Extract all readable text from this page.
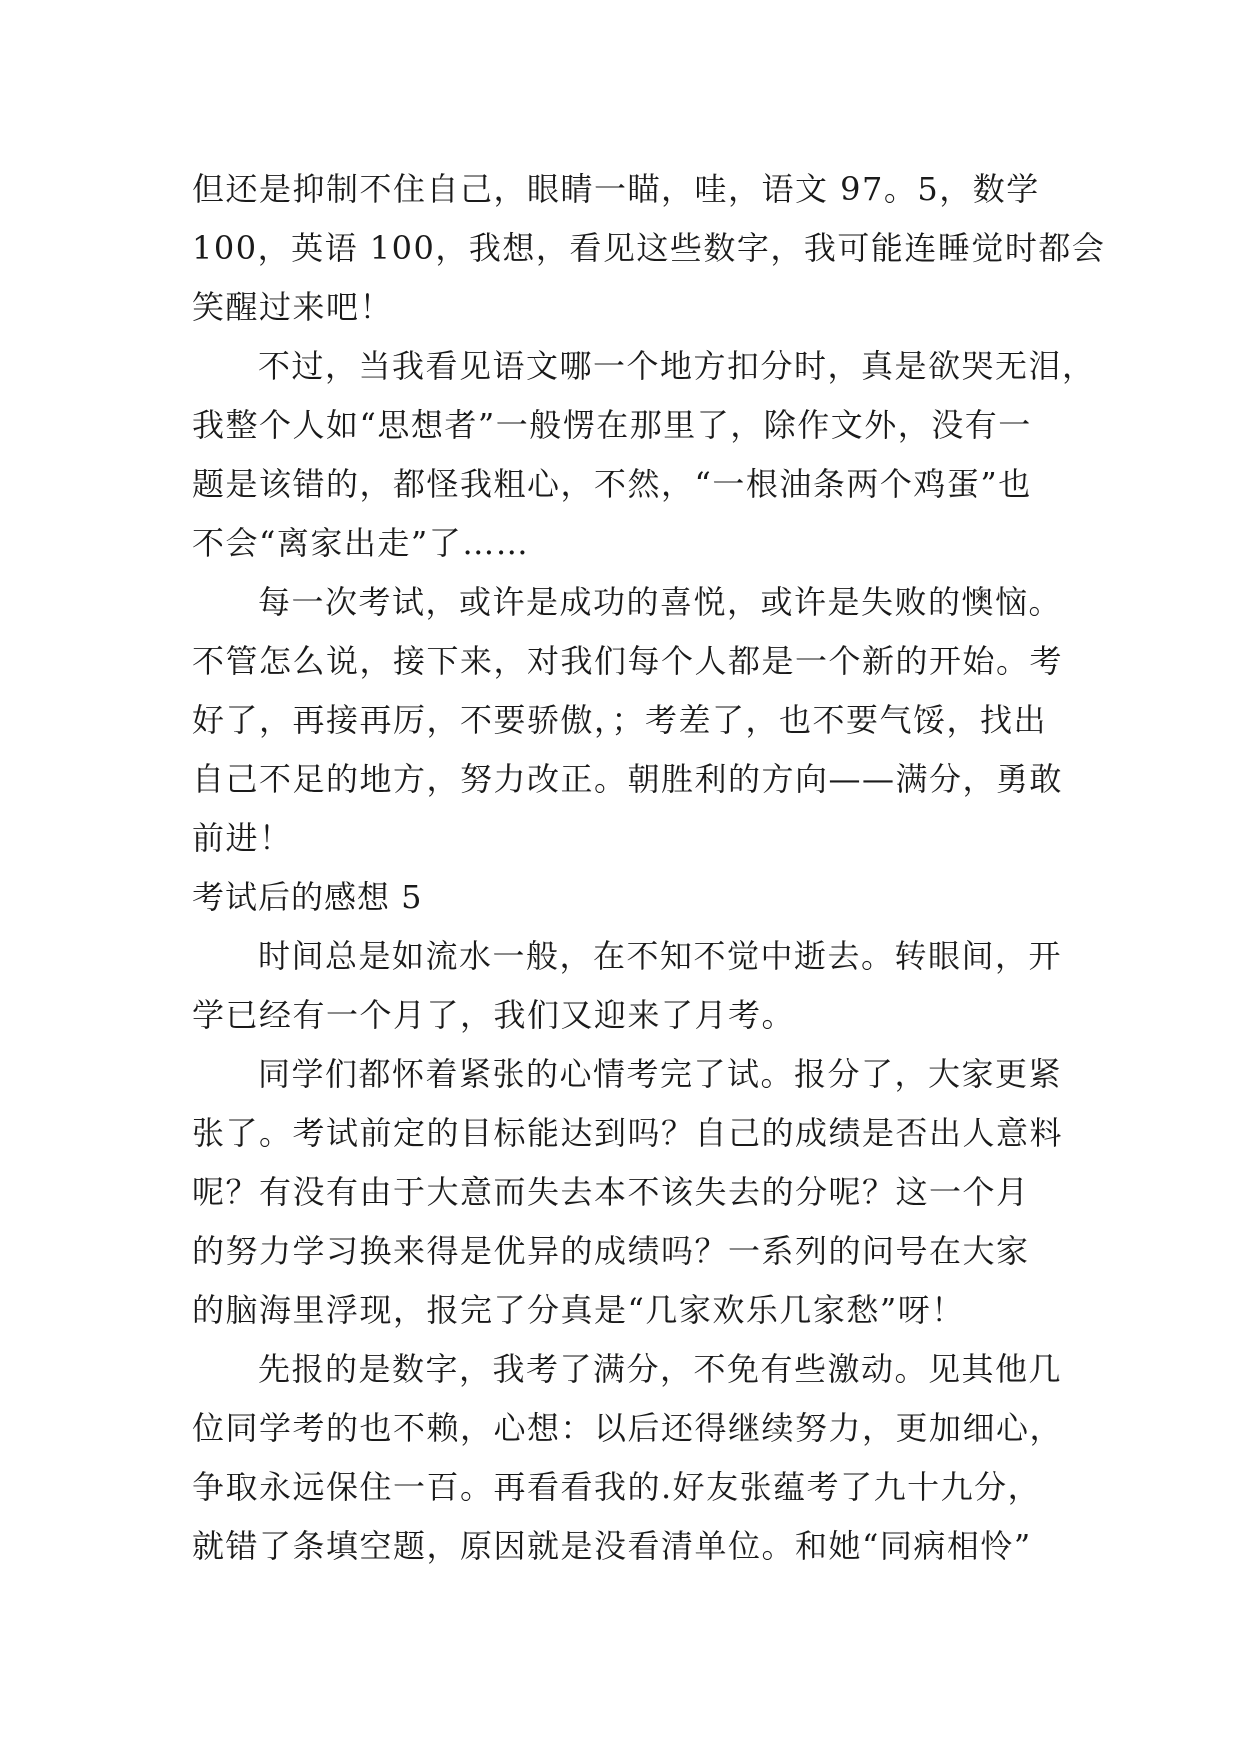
但还是抑制不住自己，眼睛一瞄，哇，语文 97。5，数学
100，英语 100，我想，看见这些数字，我可能连睡觉时都会
笑醒过来吧！
不过，当我看见语文哪一个地方扣分时，真是欲哭无泪，
我整个人如“思想者”一般愣在那里了，除作文外，没有一
题是该错的，都怪我粗心，不然，“一根油条两个鸡蛋”也
不会“离家出走”了……
每一次考试，或许是成功的喜悦，或许是失败的懊恼。
不管怎么说，接下来，对我们每个人都是一个新的开始。考
好了，再接再厉，不要骄傲，；考差了，也不要气馁，找出
自己不足的地方，努力改正。朝胜利的方向——满分，勇敢
前进！
考试后的感想 5
时间总是如流水一般，在不知不觉中逝去。转眼间，开
学已经有一个月了，我们又迎来了月考。
同学们都怀着紧张的心情考完了试。报分了，大家更紧
张了。考试前定的目标能达到吗？自己的成绩是否出人意料
呢？有没有由于大意而失去本不该失去的分呢？这一个月
的努力学习换来得是优异的成绩吗？一系列的问号在大家
的脑海里浮现，报完了分真是“几家欢乐几家愁”呀！
先报的是数字，我考了满分，不免有些激动。见其他几
位同学考的也不赖，心想：以后还得继续努力，更加细心，
争取永远保住一百。再看看我的.好友张蕴考了九十九分，
就错了条填空题，原因就是没看清单位。和她“同病相怜”
